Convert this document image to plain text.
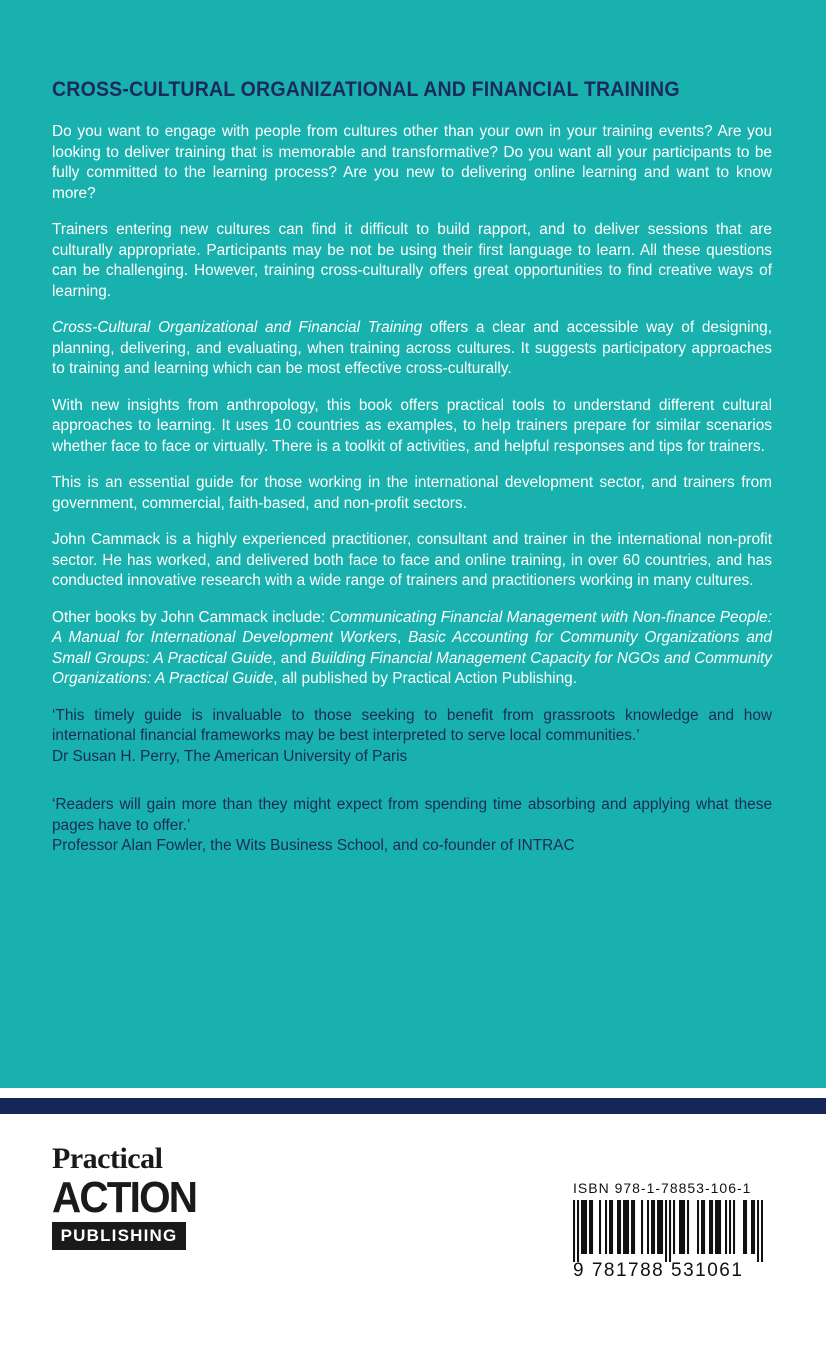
CROSS-CULTURAL ORGANIZATIONAL AND FINANCIAL TRAINING

Do you want to engage with people from cultures other than your own in your training events? Are you looking to deliver training that is memorable and transformative? Do you want all your participants to be fully committed to the learning process? Are you new to delivering online learning and want to know more?

Trainers entering new cultures can find it difficult to build rapport, and to deliver sessions that are culturally appropriate. Participants may be not be using their first language to learn. All these questions can be challenging. However, training cross-culturally offers great opportunities to find creative ways of learning.

Cross-Cultural Organizational and Financial Training offers a clear and accessible way of designing, planning, delivering, and evaluating, when training across cultures. It suggests participatory approaches to training and learning which can be most effective cross-culturally.

With new insights from anthropology, this book offers practical tools to understand different cultural approaches to learning. It uses 10 countries as examples, to help trainers prepare for similar scenarios whether face to face or virtually. There is a toolkit of activities, and helpful responses and tips for trainers.

This is an essential guide for those working in the international development sector, and trainers from government, commercial, faith-based, and non-profit sectors.

John Cammack is a highly experienced practitioner, consultant and trainer in the international non-profit sector. He has worked, and delivered both face to face and online training, in over 60 countries, and has conducted innovative research with a wide range of trainers and practitioners working in many cultures.

Other books by John Cammack include: Communicating Financial Management with Non-finance People: A Manual for International Development Workers, Basic Accounting for Community Organizations and Small Groups: A Practical Guide, and Building Financial Management Capacity for NGOs and Community Organizations: A Practical Guide, all published by Practical Action Publishing.

‘This timely guide is invaluable to those seeking to benefit from grassroots knowledge and how international financial frameworks may be best interpreted to serve local communities.’
Dr Susan H. Perry, The American University of Paris

‘Readers will gain more than they might expect from spending time absorbing and applying what these pages have to offer.’
Professor Alan Fowler, the Wits Business School, and co-founder of INTRAC

Practical
ACTION
PUBLISHING
ISBN 978-1-78853-106-1
9 781788 531061
